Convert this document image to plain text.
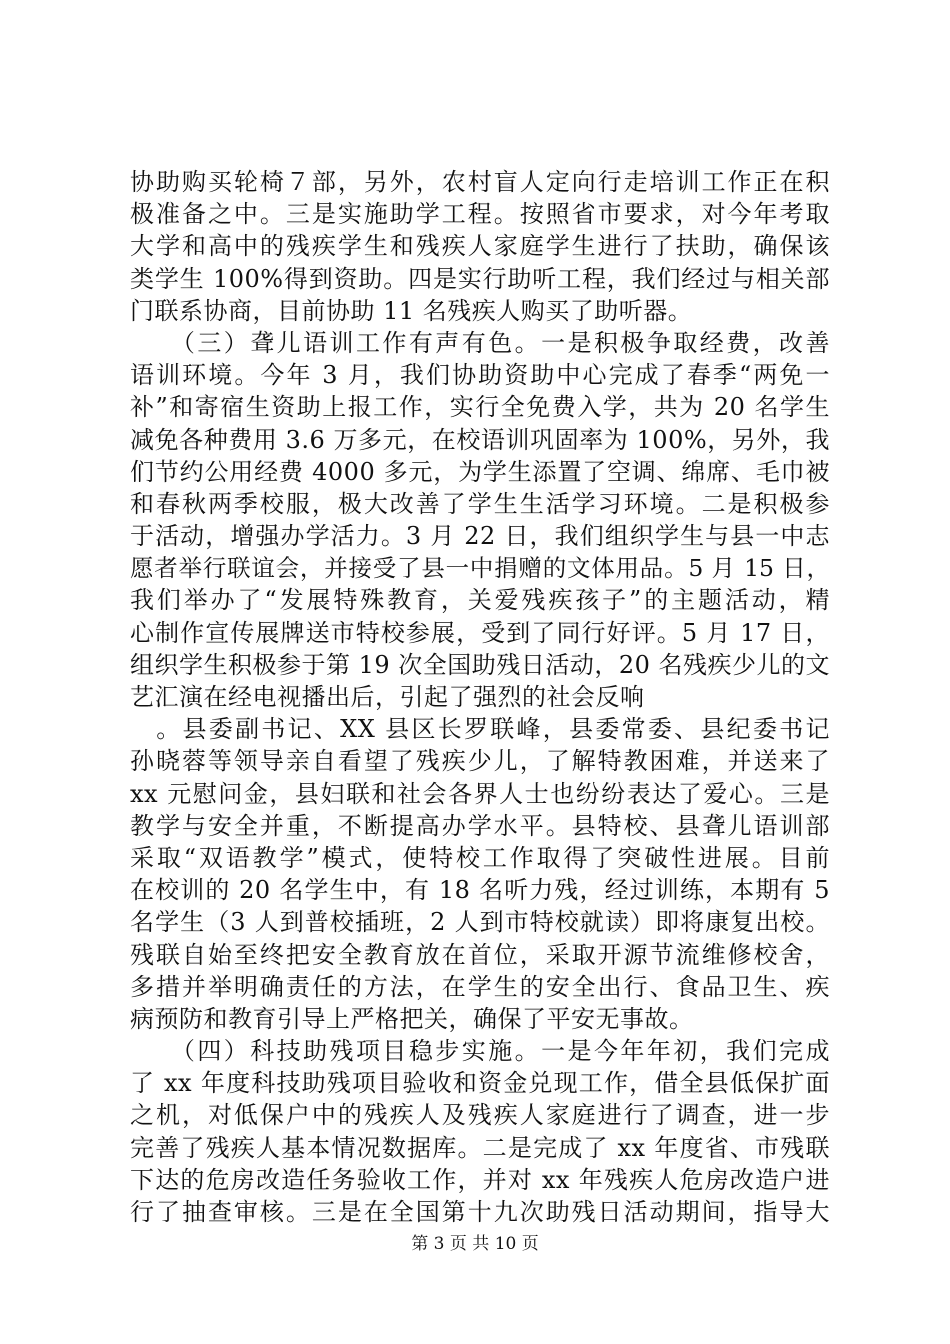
协助购买轮椅７部，另外，农村盲人定向行走培训工作正在积
极准备之中。三是实施助学工程。按照省市要求，对今年考取
大学和高中的残疾学生和残疾人家庭学生进行了扶助，确保该
类学生 100%得到资助。四是实行助听工程，我们经过与相关部
门联系协商，目前协助 11 名残疾人购买了助听器。
　　（三）聋儿语训工作有声有色。一是积极争取经费，改善
语训环境。今年 3 月，我们协助资助中心完成了春季“两免一
补”和寄宿生资助上报工作，实行全免费入学，共为 20 名学生
减免各种费用 3.6 万多元，在校语训巩固率为 100%，另外，我
们节约公用经费 4000 多元，为学生添置了空调、绵席、毛巾被
和春秋两季校服，极大改善了学生生活学习环境。二是积极参
于活动，增强办学活力。3 月 22 日，我们组织学生与县一中志
愿者举行联谊会，并接受了县一中捐赠的文体用品。5 月 15 日，
我们举办了“发展特殊教育，关爱残疾孩子”的主题活动，精
心制作宣传展牌送市特校参展，受到了同行好评。5 月 17 日，
组织学生积极参于第 19 次全国助残日活动，20 名残疾少儿的文
艺汇演在经电视播出后，引起了强烈的社会反响
　。县委副书记、XX 县区长罗联峰，县委常委、县纪委书记
孙晓蓉等领导亲自看望了残疾少儿，了解特教困难，并送来了
xx 元慰问金，县妇联和社会各界人士也纷纷表达了爱心。三是
教学与安全并重，不断提高办学水平。县特校、县聋儿语训部
采取“双语教学”模式，使特校工作取得了突破性进展。目前
在校训的 20 名学生中，有 18 名听力残，经过训练，本期有 5
名学生（3 人到普校插班，2 人到市特校就读）即将康复出校。
残联自始至终把安全教育放在首位，采取开源节流维修校舍，
多措并举明确责任的方法，在学生的安全出行、食品卫生、疾
病预防和教育引导上严格把关，确保了平安无事故。
　　（四）科技助残项目稳步实施。一是今年年初，我们完成
了 xx 年度科技助残项目验收和资金兑现工作，借全县低保扩面
之机，对低保户中的残疾人及残疾人家庭进行了调查，进一步
完善了残疾人基本情况数据库。二是完成了 xx 年度省、市残联
下达的危房改造任务验收工作，并对 xx 年残疾人危房改造户进
行了抽查审核。三是在全国第十九次助残日活动期间，指导大
第 3 页 共 10 页
